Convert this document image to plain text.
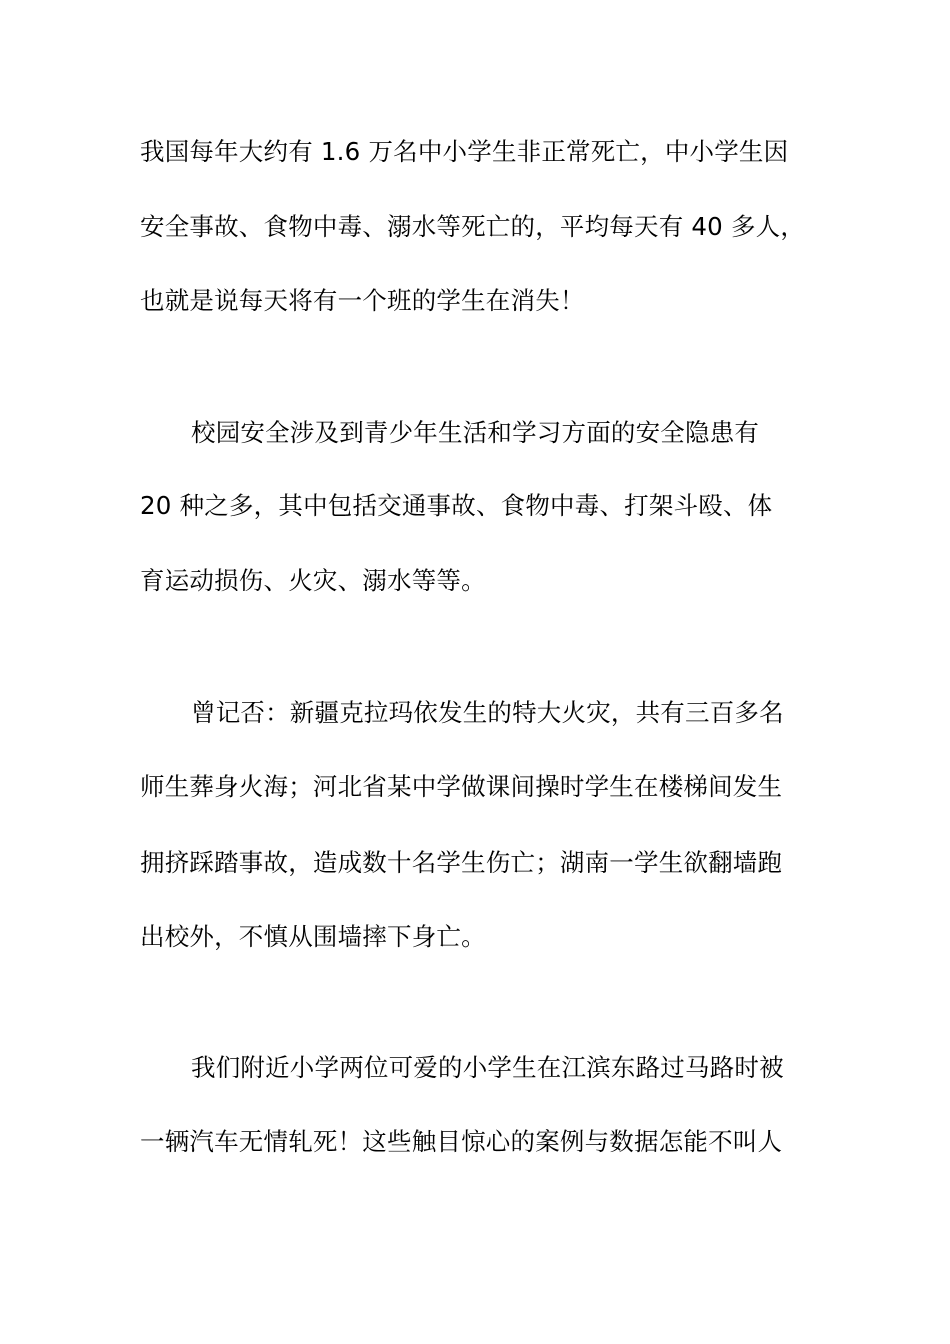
我国每年大约有 1.6 万名中小学生非正常死亡，中小学生因
安全事故、食物中毒、溺水等死亡的，平均每天有 40 多人，
也就是说每天将有一个班的学生在消失！
校园安全涉及到青少年生活和学习方面的安全隐患有
20 种之多，其中包括交通事故、食物中毒、打架斗殴、体
育运动损伤、火灾、溺水等等。
曾记否：新疆克拉玛依发生的特大火灾，共有三百多名
师生葬身火海；河北省某中学做课间操时学生在楼梯间发生
拥挤踩踏事故，造成数十名学生伤亡；湖南一学生欲翻墙跑
出校外，不慎从围墙摔下身亡。
我们附近小学两位可爱的小学生在江滨东路过马路时被
一辆汽车无情轧死！这些触目惊心的案例与数据怎能不叫人
